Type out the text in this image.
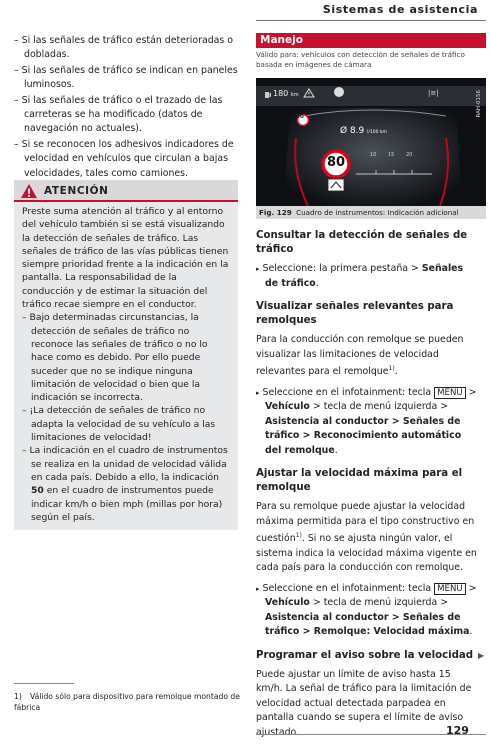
Sistemas de asistencia
– Si las señales de tráfico están deterioradas o dobladas.
– Si las señales de tráfico se indican en paneles luminosos.
– Si las señales de tráfico o el trazado de las carreteras se ha modificado (datos de navegación no actuales).
– Si se reconocen los adhesivos indicadores de velocidad en vehículos que circulan a bajas velocidades, tales como camiones.
ATENCIÓN

Preste suma atención al tráfico y al entorno del vehículo también si se está visualizando la detección de señales de tráfico. Las señales de tráfico de las vías públicas tienen siempre prioridad frente a la indicación en la pantalla. La responsabilidad de la conducción y de estimar la situación del tráfico recae siempre en el conductor.

– Bajo determinadas circunstancias, la detección de señales de tráfico no reconoce las señales de tráfico o no lo hace como es debido. Por ello puede suceder que no se indique ninguna limitación de velocidad o bien que la indicación se incorrecta.

– ¡La detección de señales de tráfico no adapta la velocidad de su vehículo a las limitaciones de velocidad!

– La indicación en el cuadro de instrumentos se realiza en la unidad de velocidad válida en cada país. Debido a ello, la indicación 50 en el cuadro de instrumentos puede indicar km/h o bien mph (millas por hora) según el país.

1) Válido sólo para dispositivo para remolque montado de fábrica
Manejo
Válido para: vehículos con detección de señales de tráfico basada en imágenes de cámara
180 km	|≡|
80
80
Ø 8.9 l/100 km
10 15 20
RAH-0156
Fig. 129 Cuadro de instrumentos: Indicación adicional
Consultar la detección de señales de tráfico

▸ Seleccione: la primera pestaña > Señales de tráfico.

Visualizar señales relevantes para remolques

Para la conducción con remolque se pueden visualizar las limitaciones de velocidad relevantes para el remolque$^{1)}$.

▸ Seleccione en el infotainment: tecla MENU > Vehículo > tecla de menú izquierda > Asistencia al conductor > Señales de tráfico > Reconocimiento automático del remolque.

Ajustar la velocidad máxima para el remolque

Para su remolque puede ajustar la velocidad máxima permitida para el tipo constructivo en cuestión$^{1)}$. Si no se ajusta ningún valor, el sistema indica la velocidad máxima vigente en cada país para la conducción con remolque.

▸ Seleccione en el infotainment: tecla MENU > Vehículo > tecla de menú izquierda > Asistencia al conductor > Señales de tráfico > Remolque: Velocidad máxima.

Programar el aviso sobre la velocidad

Puede ajustar un límite de aviso hasta 15 km/h. La señal de tráfico para la limitación de velocidad actual detectada parpadea en pantalla cuando se supera el límite de aviso ajustado.

▶
129
